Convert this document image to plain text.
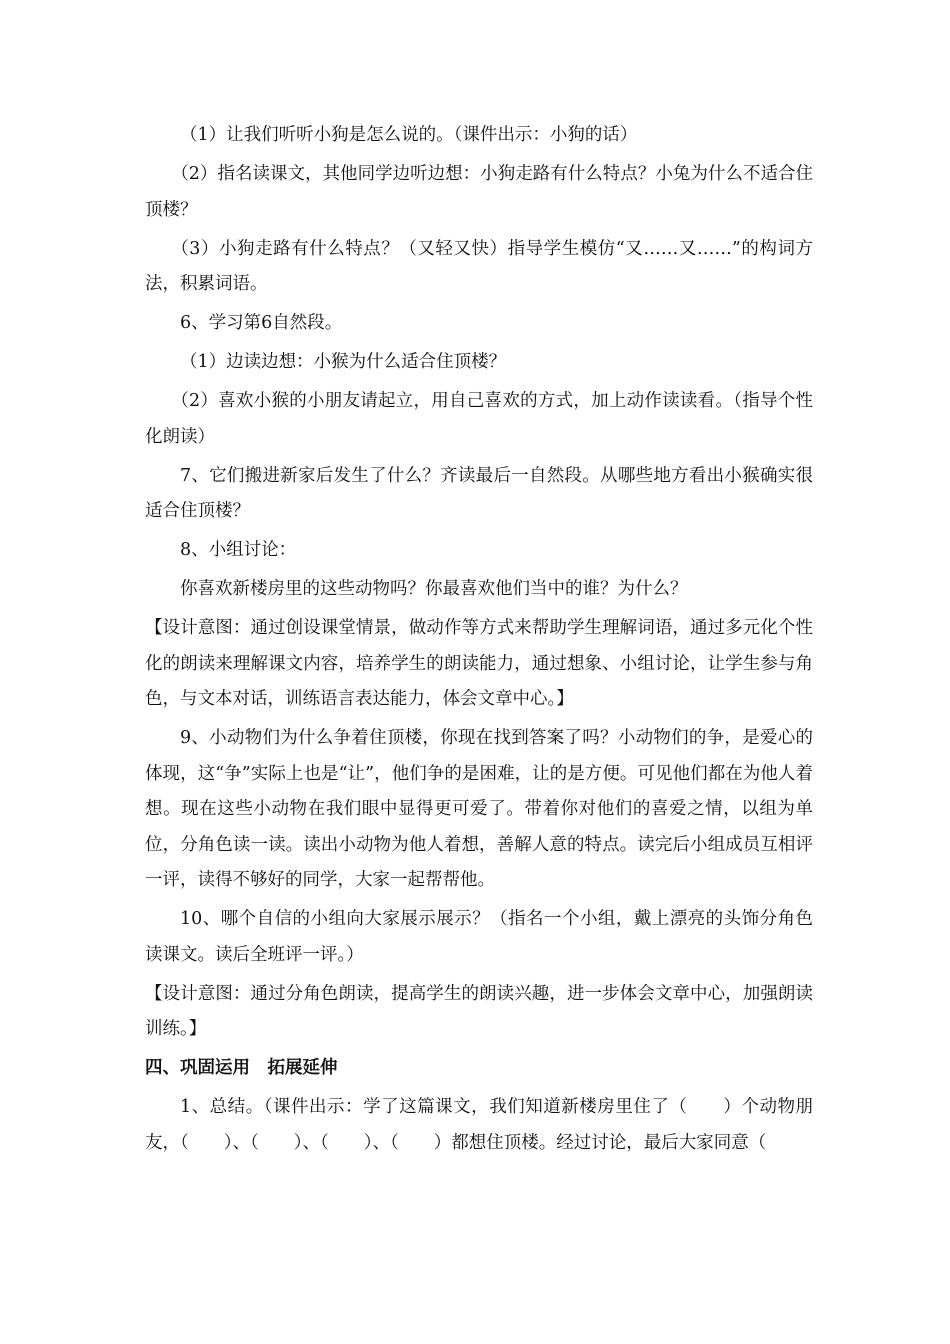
（1）让我们听听小狗是怎么说的。（课件出示：小狗的话）

（2）指名读课文，其他同学边听边想：小狗走路有什么特点？小兔为什么不适合住顶楼？

（3）小狗走路有什么特点？（又轻又快）指导学生模仿“又……又……”的构词方法，积累词语。

6、学习第6自然段。

（1）边读边想：小猴为什么适合住顶楼？

（2）喜欢小猴的小朋友请起立，用自己喜欢的方式，加上动作读读看。（指导个性化朗读）

7、它们搬进新家后发生了什么？齐读最后一自然段。从哪些地方看出小猴确实很适合住顶楼？

8、小组讨论：

你喜欢新楼房里的这些动物吗？你最喜欢他们当中的谁？为什么？

【设计意图：通过创设课堂情景，做动作等方式来帮助学生理解词语，通过多元化个性化的朗读来理解课文内容，培养学生的朗读能力，通过想象、小组讨论，让学生参与角色，与文本对话，训练语言表达能力，体会文章中心。】

9、小动物们为什么争着住顶楼，你现在找到答案了吗？小动物们的争，是爱心的体现，这“争”实际上也是“让”，他们争的是困难，让的是方便。可见他们都在为他人着想。现在这些小动物在我们眼中显得更可爱了。带着你对他们的喜爱之情，以组为单位，分角色读一读。读出小动物为他人着想，善解人意的特点。读完后小组成员互相评一评，读得不够好的同学，大家一起帮帮他。

10、哪个自信的小组向大家展示展示？（指名一个小组，戴上漂亮的头饰分角色读课文。读后全班评一评。）

【设计意图：通过分角色朗读，提高学生的朗读兴趣，进一步体会文章中心，加强朗读训练。】

四、巩固运用　拓展延伸

1、总结。（课件出示：学了这篇课文，我们知道新楼房里住了（　　）个动物朋友，（　　）、（　　）、（　　）、（　　）都想住顶楼。经过讨论，最后大家同意（
